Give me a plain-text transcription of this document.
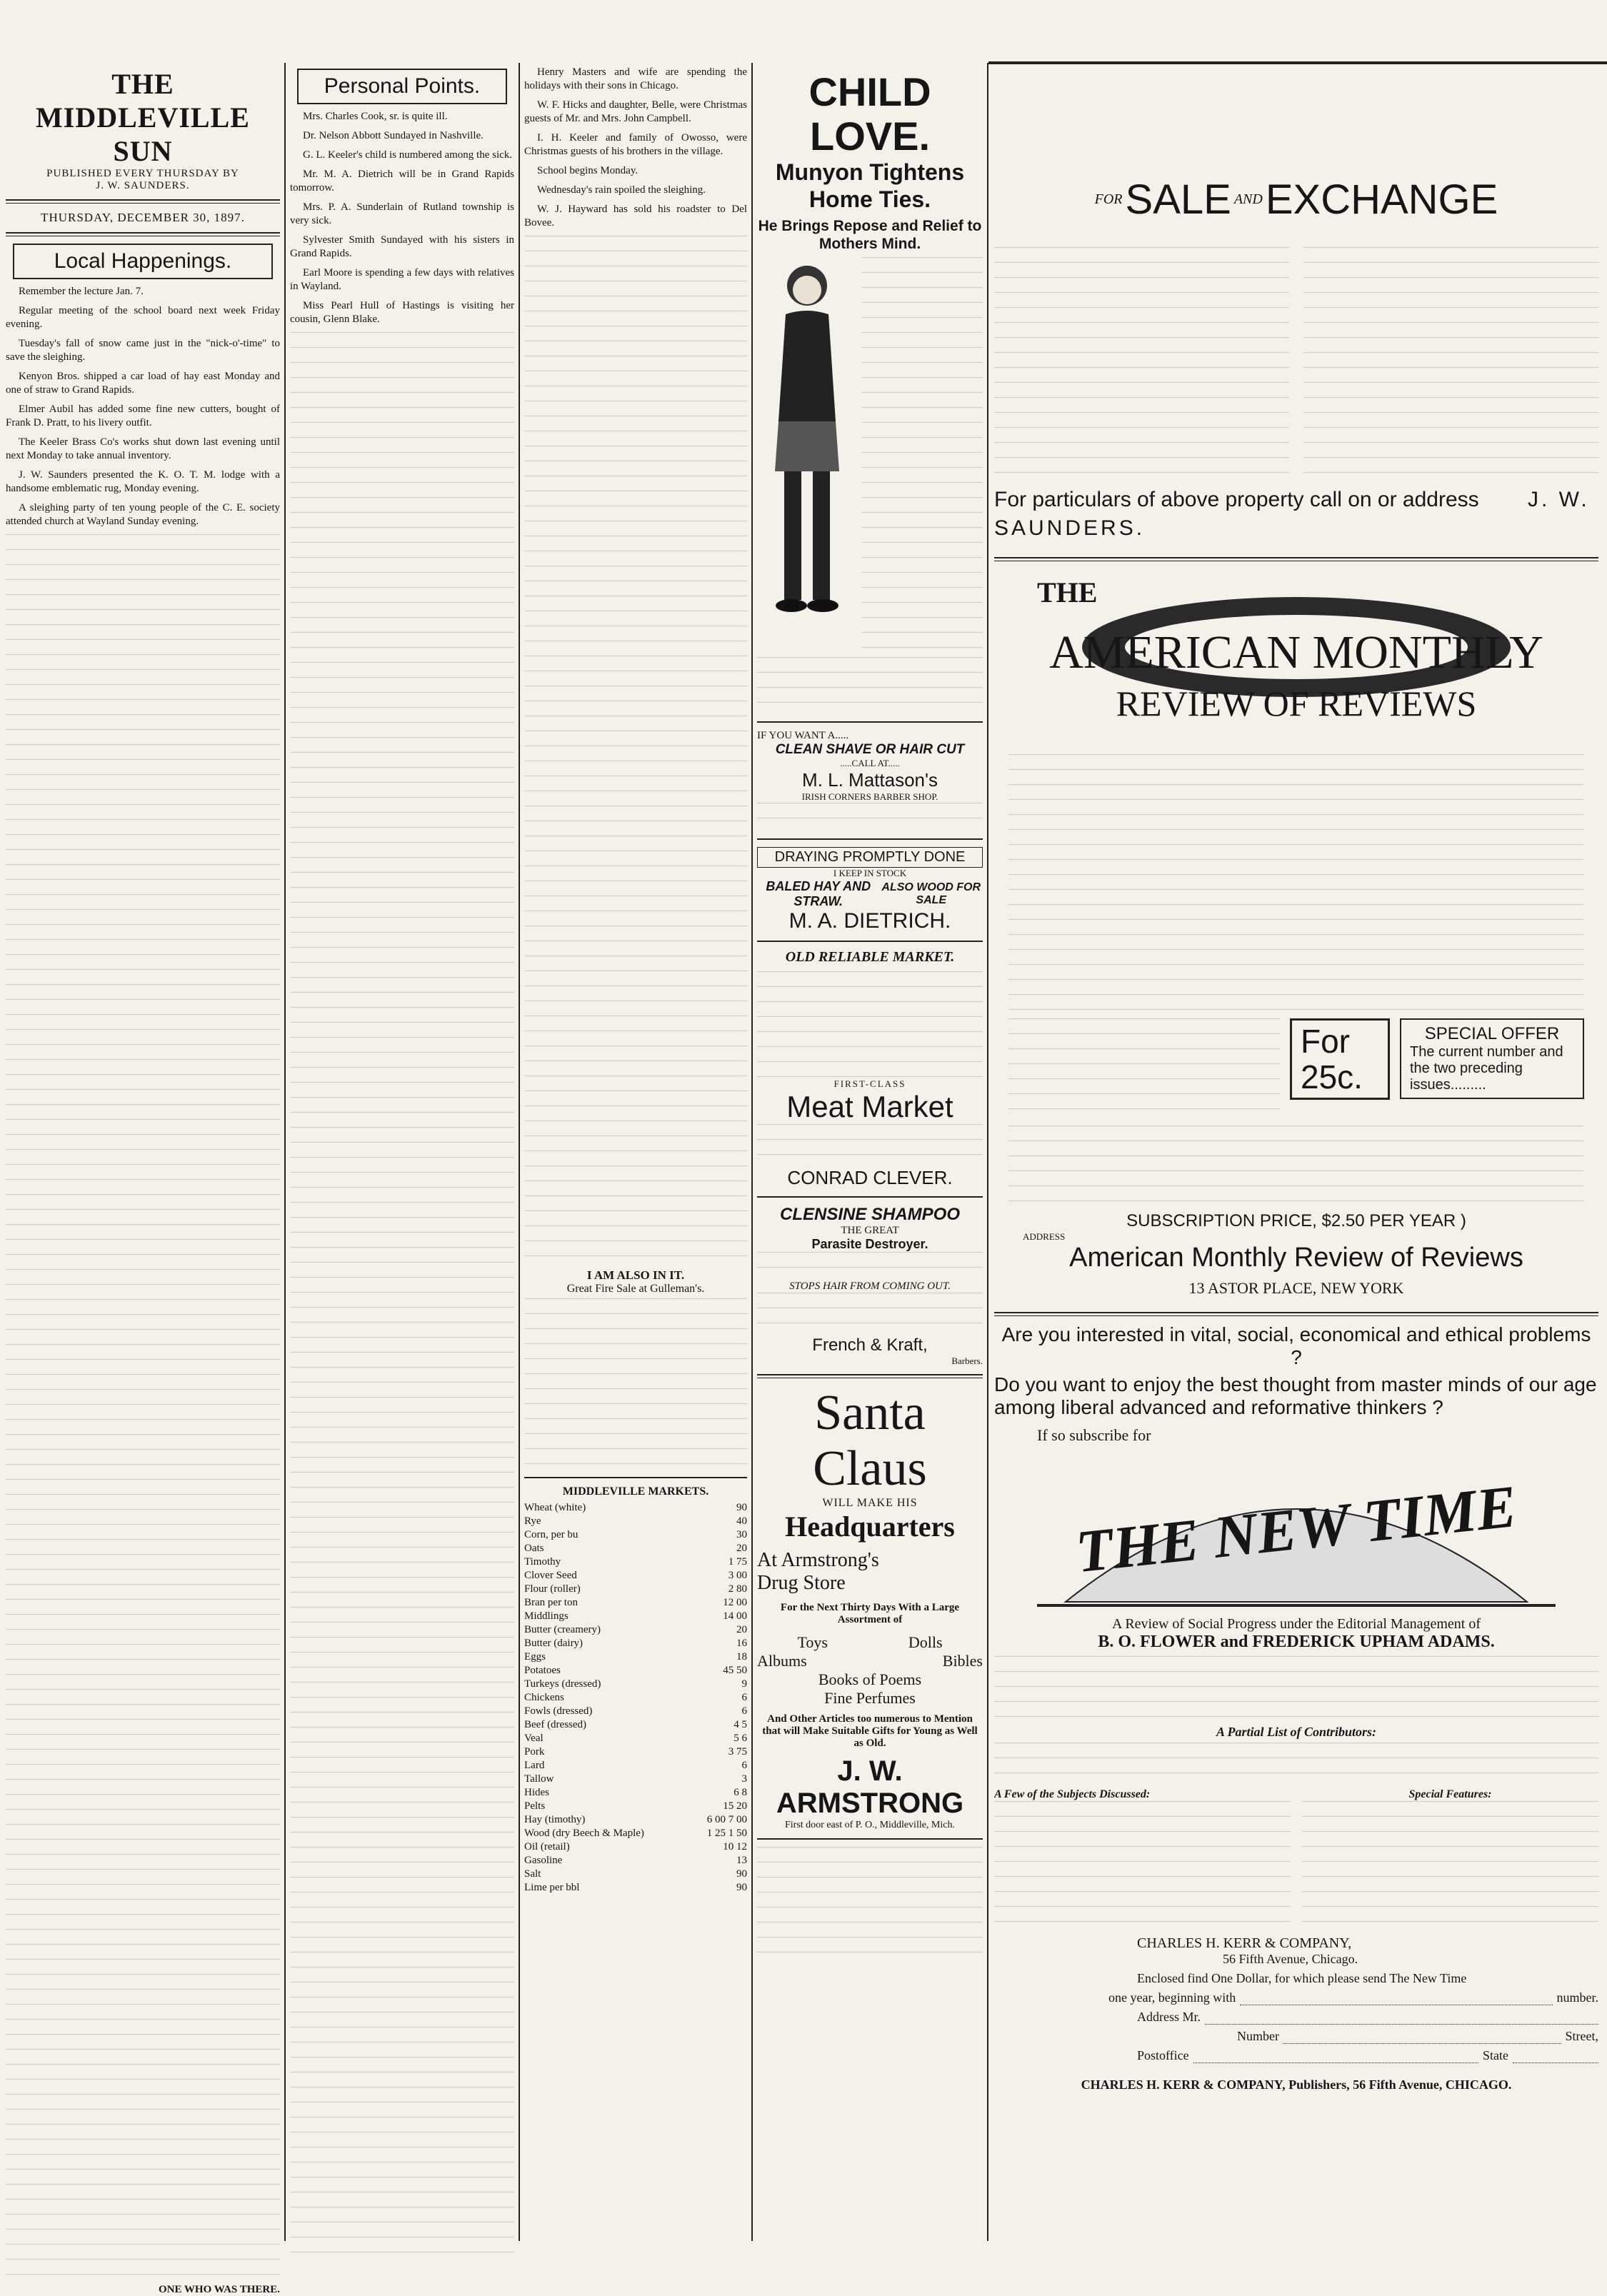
THE MIDDLEVILLE SUN
PUBLISHED EVERY THURSDAY BY
J. W. SAUNDERS.
THURSDAY, DECEMBER 30, 1897.
Local Happenings.

Remember the lecture Jan. 7.

Regular meeting of the school board next week Friday evening.

Tuesday's fall of snow came just in the "nick-o'-time" to save the sleighing.

Kenyon Bros. shipped a car load of hay east Monday and one of straw to Grand Rapids.

Elmer Aubil has added some fine new cutters, bought of Frank D. Pratt, to his livery outfit.

The Keeler Brass Co's works shut down last evening until next Monday to take annual inventory.

J. W. Saunders presented the K. O. T. M. lodge with a handsome emblematic rug, Monday evening.

A sleighing party of ten young people of the C. E. society attended church at Wayland Sunday evening.

ONE WHO WAS THERE.
Personal Points.

Mrs. Charles Cook, sr. is quite ill.

Dr. Nelson Abbott Sundayed in Nashville.

G. L. Keeler's child is numbered among the sick.

Mr. M. A. Dietrich will be in Grand Rapids tomorrow.

Mrs. P. A. Sunderlain of Rutland township is very sick.

Sylvester Smith Sundayed with his sisters in Grand Rapids.

Earl Moore is spending a few days with relatives in Wayland.

Miss Pearl Hull of Hastings is visiting her cousin, Glenn Blake.

Henry Masters and wife are spending the holidays with their sons in Chicago.

W. F. Hicks and daughter, Belle, were Christmas guests of Mr. and Mrs. John Campbell.

I. H. Keeler and family of Owosso, were Christmas guests of his brothers in the village.

School begins Monday.

Wednesday's rain spoiled the sleighing.

W. J. Hayward has sold his roadster to Del Bovee.

I AM ALSO IN IT.
Great Fire Sale at Gulleman's.
MIDDLEVILLE MARKETS.
Wheat (white)	90
Rye	40
Corn, per bu	30
Oats	20
Timothy	1 75
Clover Seed	3 00
Flour (roller)	2 80
Bran per ton	12 00
Middlings	14 00
Butter (creamery)	20
Butter (dairy)	16
Eggs	18
Potatoes	45 50
Turkeys (dressed)	9
Chickens	6
Fowls (dressed)	6
Beef (dressed)	4 5
Veal	5 6
Pork	3 75
Lard	6
Tallow	3
Hides	6 8
Pelts	15 20
Hay (timothy)	6 00 7 00
Wood (dry Beech & Maple)	1 25 1 50
Oil (retail)	10 12
Gasoline	13
Salt	90
Lime per bbl	90
CHILD LOVE.
Munyon Tightens Home Ties.
He Brings Repose and Relief to Mothers Mind.
IF YOU WANT A.....
CLEAN SHAVE OR HAIR CUT
.....CALL AT.....
M. L. Mattason's
IRISH CORNERS BARBER SHOP.
DRAYING PROMPTLY DONE
I KEEP IN STOCK
BALED HAY AND STRAW.
ALSO WOOD FOR SALE
M. A. DIETRICH.
OLD RELIABLE MARKET.
FIRST-CLASS
Meat Market
CONRAD CLEVER.
CLENSINE SHAMPOO
THE GREAT
Parasite Destroyer.
STOPS HAIR FROM COMING OUT.
French & Kraft,
Barbers.
Santa
Claus
WILL MAKE HIS
Headquarters
At Armstrong's
Drug Store
For the Next Thirty Days With a Large Assortment of
Toys	Dolls
Albums	Bibles
Books of Poems
Fine Perfumes
And Other Articles too numerous to Mention that will Make Suitable Gifts for Young as Well as Old.
J. W. ARMSTRONG
First door east of P. O., Middleville, Mich.
FOR SALE AND EXCHANGE
For particulars of above property call on or address J. W. SAUNDERS.
THE
AMERICAN MONTHLY
REVIEW OF REVIEWS
For 25c.
SPECIAL OFFER
The current number and the two preceding issues.........
SUBSCRIPTION PRICE, $2.50 PER YEAR )
ADDRESS
American Monthly Review of Reviews
13 ASTOR PLACE, NEW YORK
Are you interested in vital, social, economical and ethical problems ?
Do you want to enjoy the best thought from master minds of our age among liberal advanced and reformative thinkers ?
If so subscribe for
THE NEW TIME
A Review of Social Progress under the Editorial Management of
B. O. FLOWER and FREDERICK UPHAM ADAMS.
A Partial List of Contributors:
A Few of the Subjects Discussed:	Special Features:
CHARLES H. KERR & COMPANY,
56 Fifth Avenue, Chicago.
Enclosed find One Dollar, for which please send The New Time
one year, beginning with	number.
Address Mr.
Number	Street,
Postoffice	State
CHARLES H. KERR & COMPANY, Publishers, 56 Fifth Avenue, CHICAGO.
